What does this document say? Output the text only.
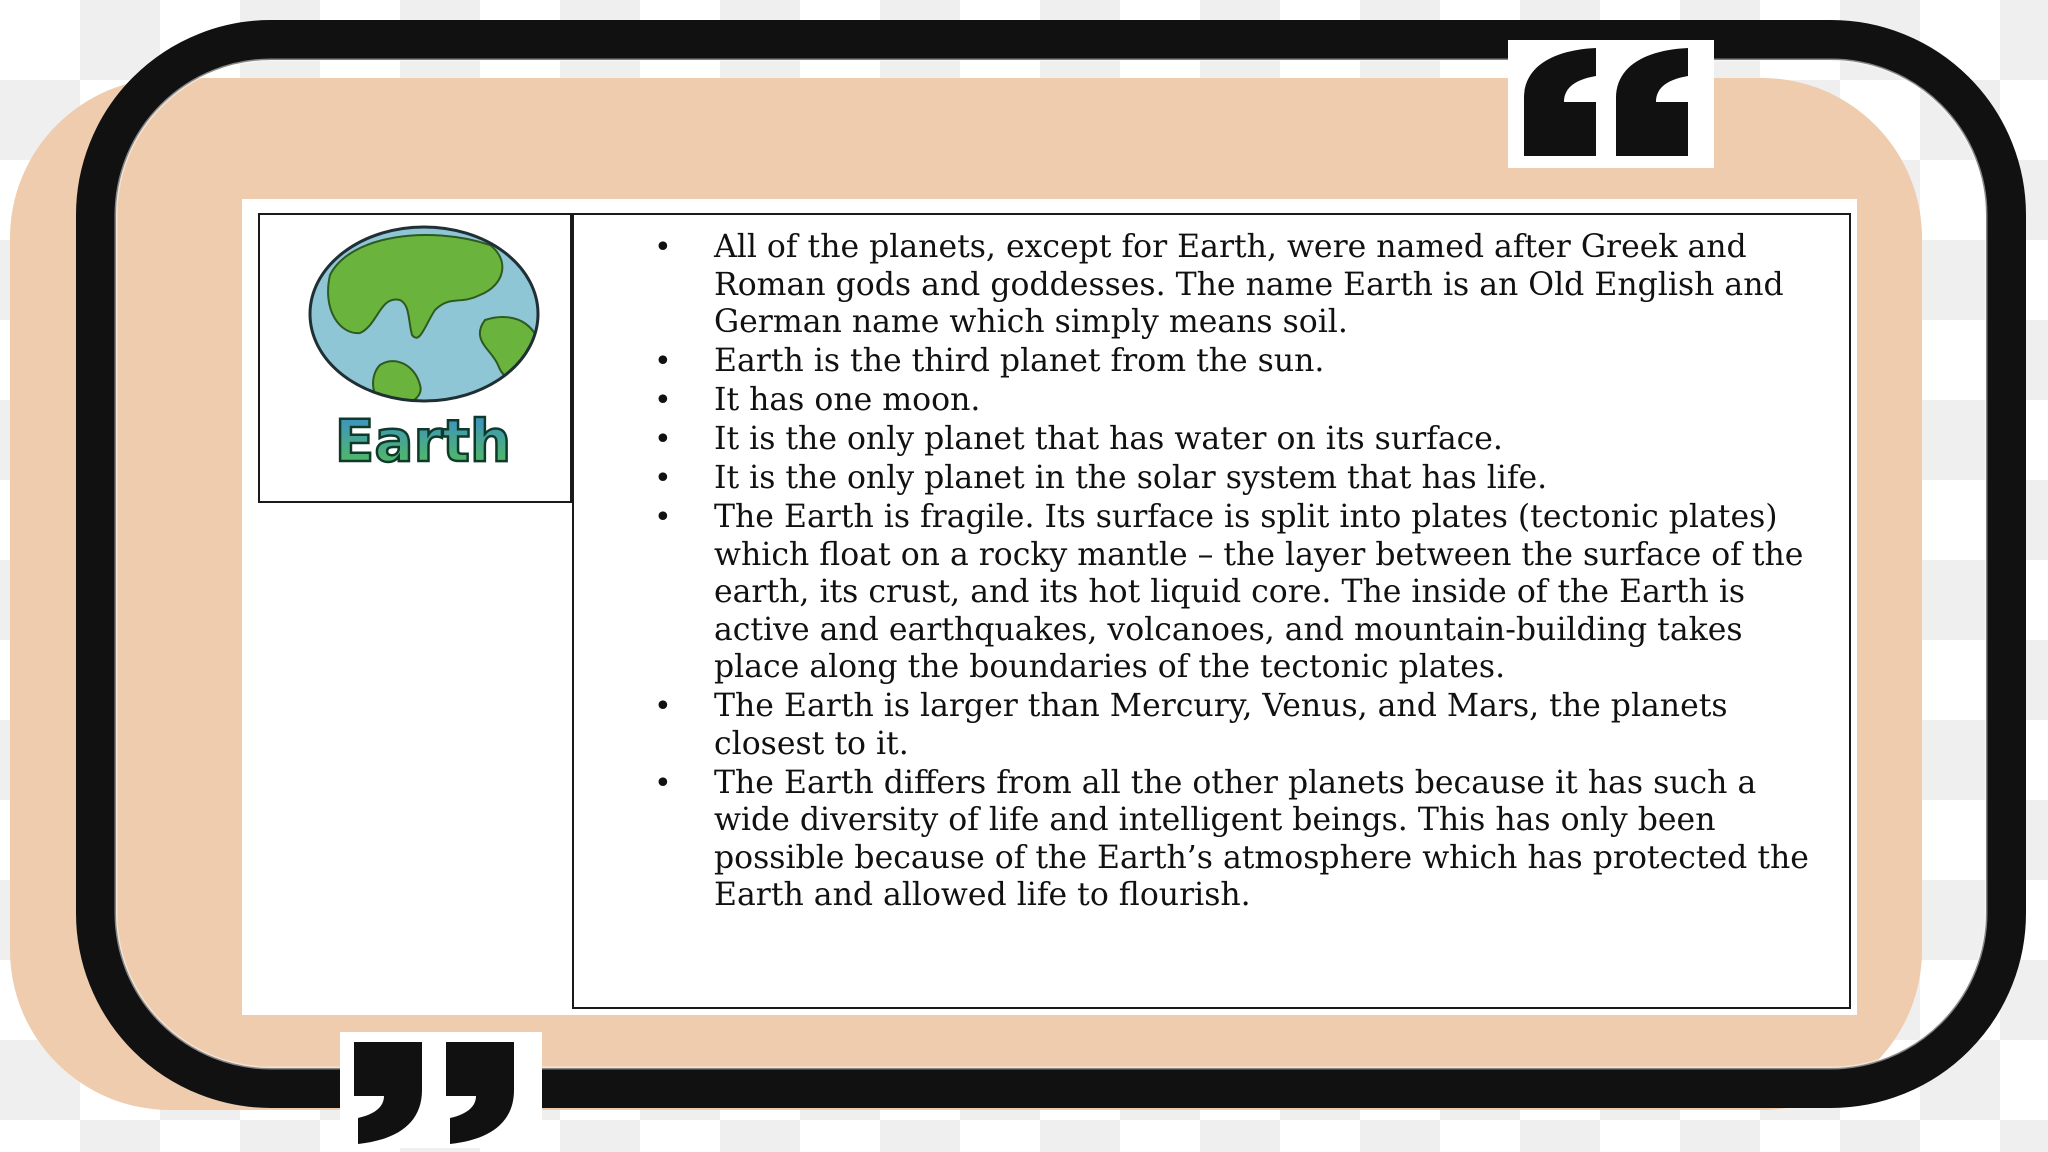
Earth
• All of the planets, except for Earth, were named after Greek and Roman gods and goddesses. The name Earth is an Old English and German name which simply means soil.
• Earth is the third planet from the sun.
• It has one moon.
• It is the only planet that has water on its surface.
• It is the only planet in the solar system that has life.
• The Earth is fragile. Its surface is split into plates (tectonic plates) which float on a rocky mantle – the layer between the surface of the earth, its crust, and its hot liquid core. The inside of the Earth is active and earthquakes, volcanoes, and mountain-building takes place along the boundaries of the tectonic plates.
• The Earth is larger than Mercury, Venus, and Mars, the planets closest to it.
• The Earth differs from all the other planets because it has such a wide diversity of life and intelligent beings. This has only been possible because of the Earth’s atmosphere which has protected the Earth and allowed life to flourish.
